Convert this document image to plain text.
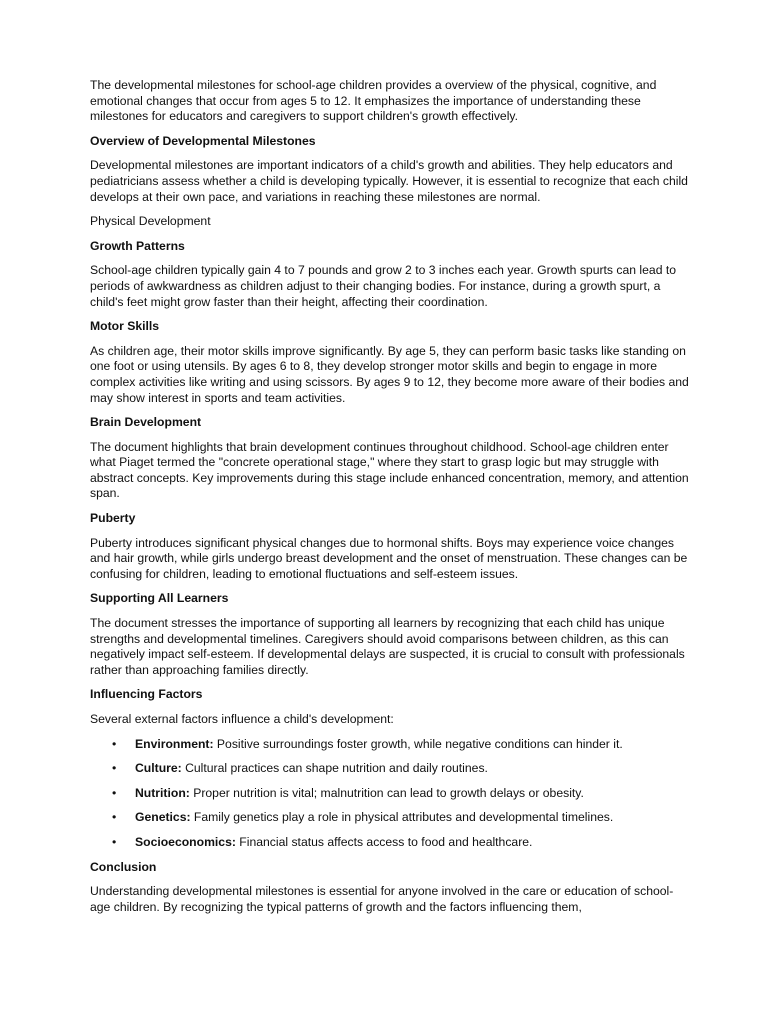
The developmental milestones for school-age children provides a overview of the physical, cognitive, and emotional changes that occur from ages 5 to 12. It emphasizes the importance of understanding these milestones for educators and caregivers to support children's growth effectively.

Overview of Developmental Milestones

Developmental milestones are important indicators of a child's growth and abilities. They help educators and pediatricians assess whether a child is developing typically. However, it is essential to recognize that each child develops at their own pace, and variations in reaching these milestones are normal.

Physical Development

Growth Patterns

School-age children typically gain 4 to 7 pounds and grow 2 to 3 inches each year. Growth spurts can lead to periods of awkwardness as children adjust to their changing bodies. For instance, during a growth spurt, a child's feet might grow faster than their height, affecting their coordination.

Motor Skills

As children age, their motor skills improve significantly. By age 5, they can perform basic tasks like standing on one foot or using utensils. By ages 6 to 8, they develop stronger motor skills and begin to engage in more complex activities like writing and using scissors. By ages 9 to 12, they become more aware of their bodies and may show interest in sports and team activities.

Brain Development

The document highlights that brain development continues throughout childhood. School-age children enter what Piaget termed the "concrete operational stage," where they start to grasp logic but may struggle with abstract concepts. Key improvements during this stage include enhanced concentration, memory, and attention span.

Puberty

Puberty introduces significant physical changes due to hormonal shifts. Boys may experience voice changes and hair growth, while girls undergo breast development and the onset of menstruation. These changes can be confusing for children, leading to emotional fluctuations and self-esteem issues.

Supporting All Learners

The document stresses the importance of supporting all learners by recognizing that each child has unique strengths and developmental timelines. Caregivers should avoid comparisons between children, as this can negatively impact self-esteem. If developmental delays are suspected, it is crucial to consult with professionals rather than approaching families directly.

Influencing Factors

Several external factors influence a child's development:

• Environment: Positive surroundings foster growth, while negative conditions can hinder it.
• Culture: Cultural practices can shape nutrition and daily routines.
• Nutrition: Proper nutrition is vital; malnutrition can lead to growth delays or obesity.
• Genetics: Family genetics play a role in physical attributes and developmental timelines.
• Socioeconomics: Financial status affects access to food and healthcare.

Conclusion

Understanding developmental milestones is essential for anyone involved in the care or education of school-age children. By recognizing the typical patterns of growth and the factors influencing them,
